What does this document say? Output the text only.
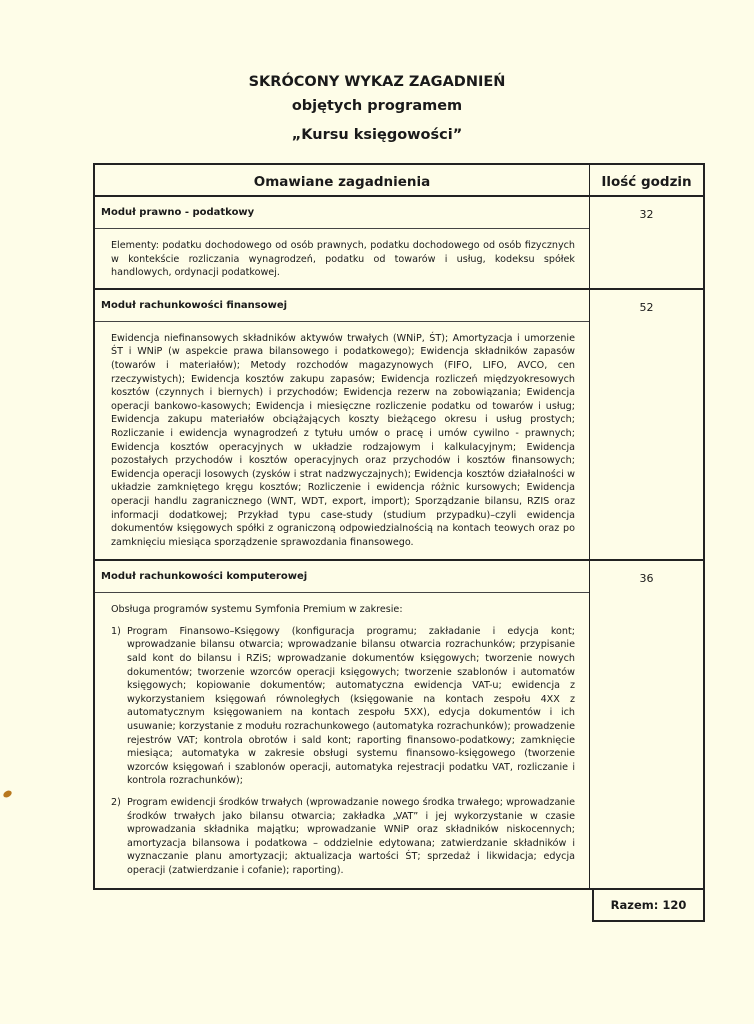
SKRÓCONY WYKAZ ZAGADNIEŃ
objętych programem
„Kursu księgowości”
Omawiane zagadnienia	Ilość godzin
Moduł prawno - podatkowy
Elementy: podatku dochodowego od osób prawnych, podatku dochodowego od osób fizycznych w kontekście rozliczania wynagrodzeń, podatku od towarów i usług, kodeksu spółek handlowych, ordynacji podatkowej.
32
Moduł rachunkowości finansowej
Ewidencja niefinansowych składników aktywów trwałych (WNiP, ŚT); Amortyzacja i umorzenie ŚT i WNiP (w aspekcie prawa bilansowego i podatkowego); Ewidencja składników zapasów (towarów i materiałów); Metody rozchodów magazynowych (FIFO, LIFO, AVCO, cen rzeczywistych); Ewidencja kosztów zakupu zapasów; Ewidencja rozliczeń międzyokresowych kosztów (czynnych i biernych) i przychodów; Ewidencja rezerw na zobowiązania; Ewidencja operacji bankowo-kasowych; Ewidencja i miesięczne rozliczenie podatku od towarów i usług; Ewidencja zakupu materiałów obciążających koszty bieżącego okresu i usług prostych; Rozliczanie i ewidencja wynagrodzeń z tytułu umów o pracę i umów cywilno - prawnych; Ewidencja kosztów operacyjnych w układzie rodzajowym i kalkulacyjnym; Ewidencja pozostałych przychodów i kosztów operacyjnych oraz przychodów i kosztów finansowych; Ewidencja operacji losowych (zysków i strat nadzwyczajnych); Ewidencja kosztów działalności w układzie zamkniętego kręgu kosztów; Rozliczenie i ewidencja różnic kursowych; Ewidencja operacji handlu zagranicznego (WNT, WDT, export, import); Sporządzanie bilansu, RZIS oraz informacji dodatkowej; Przykład typu case-study (studium przypadku)–czyli ewidencja dokumentów księgowych spółki z ograniczoną odpowiedzialnością na kontach teowych oraz po zamknięciu miesiąca sporządzenie sprawozdania finansowego.
52
Moduł rachunkowości komputerowej
Obsługa programów systemu Symfonia Premium w zakresie:
1) Program Finansowo–Księgowy (konfiguracja programu; zakładanie i edycja kont; wprowadzanie bilansu otwarcia; wprowadzanie bilansu otwarcia rozrachunków; przypisanie sald kont do bilansu i RZiS; wprowadzanie dokumentów księgowych; tworzenie nowych dokumentów; tworzenie wzorców operacji księgowych; tworzenie szablonów i automatów księgowych; kopiowanie dokumentów; automatyczna ewidencja VAT-u; ewidencja z wykorzystaniem księgowań równoległych (księgowanie na kontach zespołu 4XX z automatycznym księgowaniem na kontach zespołu 5XX), edycja dokumentów i ich usuwanie; korzystanie z modułu rozrachunkowego (automatyka rozrachunków); prowadzenie rejestrów VAT; kontrola obrotów i sald kont; raporting finansowo-podatkowy; zamknięcie miesiąca; automatyka w zakresie obsługi systemu finansowo-księgowego (tworzenie wzorców księgowań i szablonów operacji, automatyka rejestracji podatku VAT, rozliczanie i kontrola rozrachunków);
2) Program ewidencji środków trwałych (wprowadzanie nowego środka trwałego; wprowadzanie środków trwałych jako bilansu otwarcia; zakładka „VAT” i jej wykorzystanie w czasie wprowadzania składnika majątku; wprowadzanie WNiP oraz składników niskocennych; amortyzacja bilansowa i podatkowa – oddzielnie edytowana; zatwierdzanie składników i wyznaczanie planu amortyzacji; aktualizacja wartości ŚT; sprzedaż i likwidacja; edycja operacji (zatwierdzanie i cofanie); raporting).
36
Razem: 120
